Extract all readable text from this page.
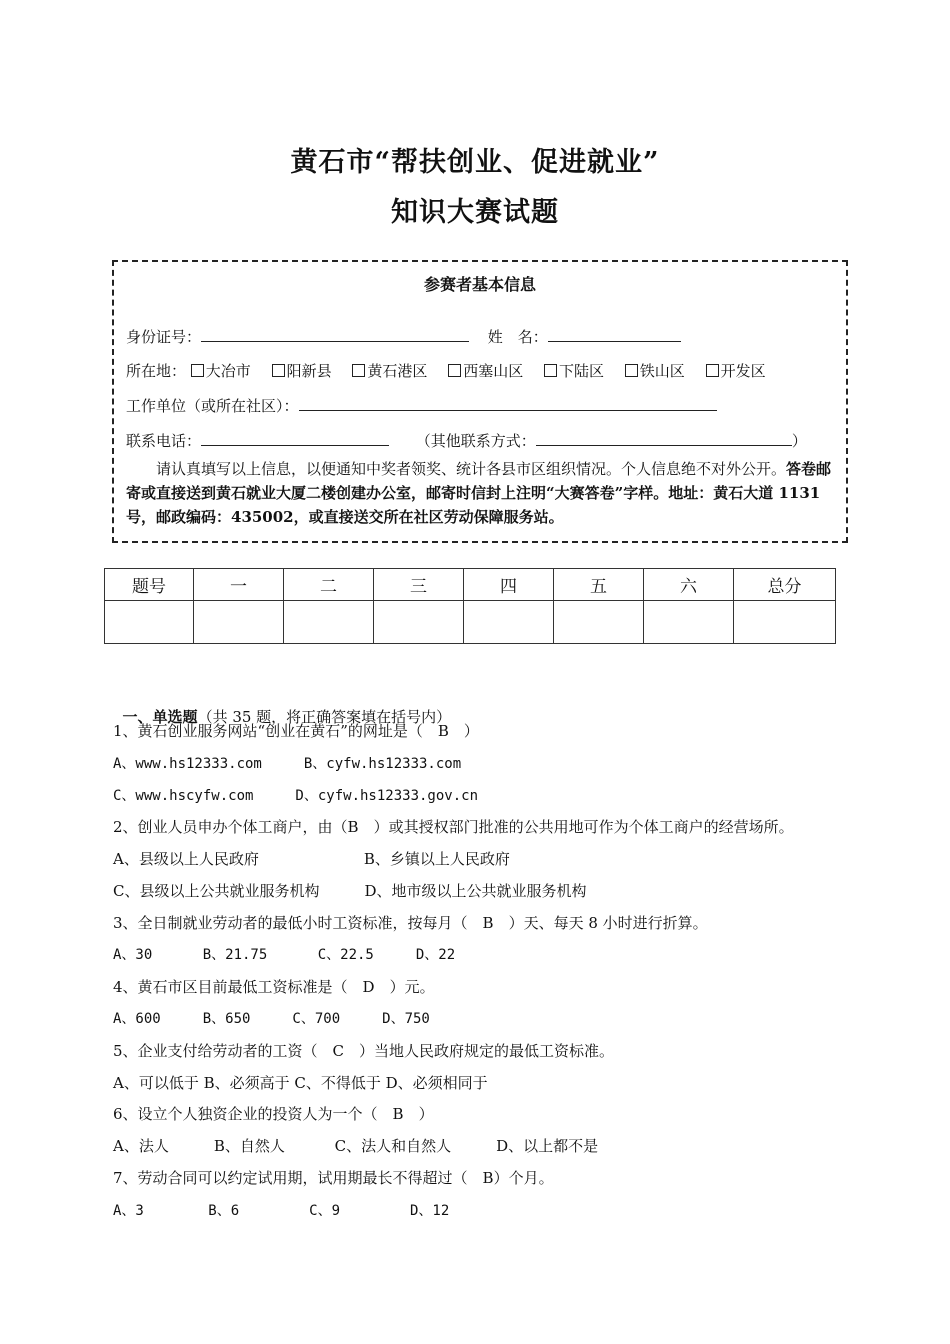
黄石市“帮扶创业、促进就业”
知识大赛试题
参赛者基本信息
身份证号：	姓　名：
所在地： 大冶市 阳新县 黄石港区 西塞山区 下陆区 铁山区 开发区
工作单位（或所在社区）：
联系电话：	（其他联系方式：	）
请认真填写以上信息，以便通知中奖者领奖、统计各县市区组织情况。个人信息绝不对外公开。答卷邮寄或直接送到黄石就业大厦二楼创建办公室，邮寄时信封上注明“大赛答卷”字样。地址：黄石大道 1131 号，邮政编码：435002，或直接送交所在社区劳动保障服务站。
题号	一	二	三	四	五	六	总分

一、单选题（共 35 题，将正确答案填在括号内）

1、黄石创业服务网站“创业在黄石”的网址是（　B　）
A、www.hs12333.com　　　B、cyfw.hs12333.com
C、www.hscyfw.com　　　D、cyfw.hs12333.gov.cn
2、创业人员申办个体工商户，由（B　）或其授权部门批准的公共用地可作为个体工商户的经营场所。
A、县级以上人民政府　　　　　　　B、乡镇以上人民政府
C、县级以上公共就业服务机构　　　D、地市级以上公共就业服务机构
3、全日制就业劳动者的最低小时工资标准，按每月（　B　）天、每天 8 小时进行折算。
A、30　　　 B、21.75　　　 C、22.5　　　D、22
4、黄石市区目前最低工资标准是（　D　）元。
A、600　　　B、650　　　C、700　　　D、750
5、企业支付给劳动者的工资（　C　）当地人民政府规定的最低工资标准。
A、可以低于 B、必须高于 C、不得低于 D、必须相同于
6、设立个人独资企业的投资人为一个（　B　）
A、法人　　　B、自然人　　　 C、法人和自然人　　　D、以上都不是
7、劳动合同可以约定试用期，试用期最长不得超过（　B）个月。
A、3　　　　 B、6　　　　　C、9　　　　　D、12
